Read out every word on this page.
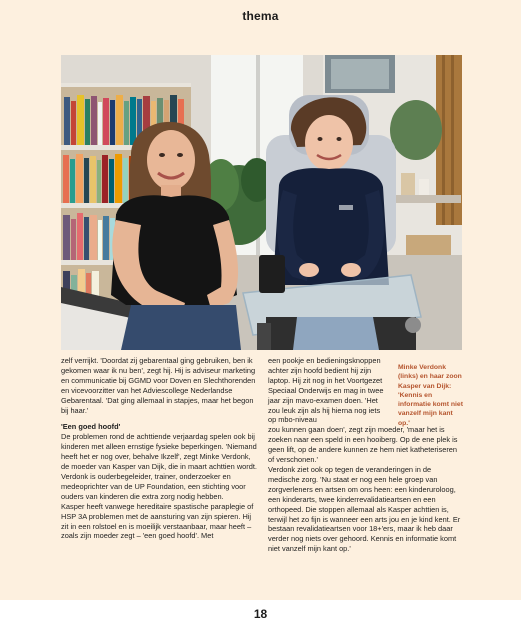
thema

zelf verrijkt. 'Doordat zij gebarentaal ging gebruiken, ben ik gekomen waar ik nu ben', zegt hij. Hij is adviseur marketing en communicatie bij GGMD voor Doven en Slechthorenden en vicevoorzitter van het Adviescollege Nederlandse Gebarentaal. 'Dat ging allemaal in stapjes, maar het begon bij haar.'

'Een goed hoofd'

De problemen rond de achttiende verjaardag spelen ook bij kinderen met alleen ernstige fysieke beperkingen. 'Niemand heeft het er nog over, behalve Ikzelf', zegt Minke Verdonk, de moeder van Kasper van Dijk, die in maart achttien wordt. Verdonk is ouderbegeleider, trainer, onderzoeker en medeoprichter van de UP Foundation, een stichting voor ouders van kinderen die extra zorg nodig hebben.

Kasper heeft vanwege hereditaire spastische paraplegie of HSP 3A problemen met de aansturing van zijn spieren. Hij zit in een rolstoel en is moeilijk verstaanbaar, maar heeft – zoals zijn moeder zegt – 'een goed hoofd'. Met

een pookje en bedieningsknoppen achter zijn hoofd bedient hij zijn laptop. Hij zit nog in het Voortgezet Speciaal Onderwijs en mag in twee jaar zijn mavo-examen doen. 'Het zou leuk zijn als hij hierna nog iets op mbo-niveau

zou kunnen gaan doen', zegt zijn moeder, 'maar het is zoeken naar een speld in een hooiberg. Op de ene plek is geen lift, op de andere kunnen ze hem niet katheteriseren of verschonen.'

Verdonk ziet ook op tegen de veranderingen in de medische zorg. 'Nu staat er nog een hele groep van zorgverleners en artsen om ons heen: een kinderuroloog, een kinderarts, twee kinderrevalidatieartsen en een orthopeed. Die stoppen allemaal als Kasper achttien is, terwijl het zo fijn is wanneer een arts jou en je kind kent. Er bestaan revalidatieartsen voor 18+'ers, maar ik heb daar verder nog niets over gehoord. Kennis en informatie komt niet vanzelf mijn kant op.'

Minke Verdonk (links) en haar zoon Kasper van Dijk: 'Kennis en informatie komt niet vanzelf mijn kant op.'
18
